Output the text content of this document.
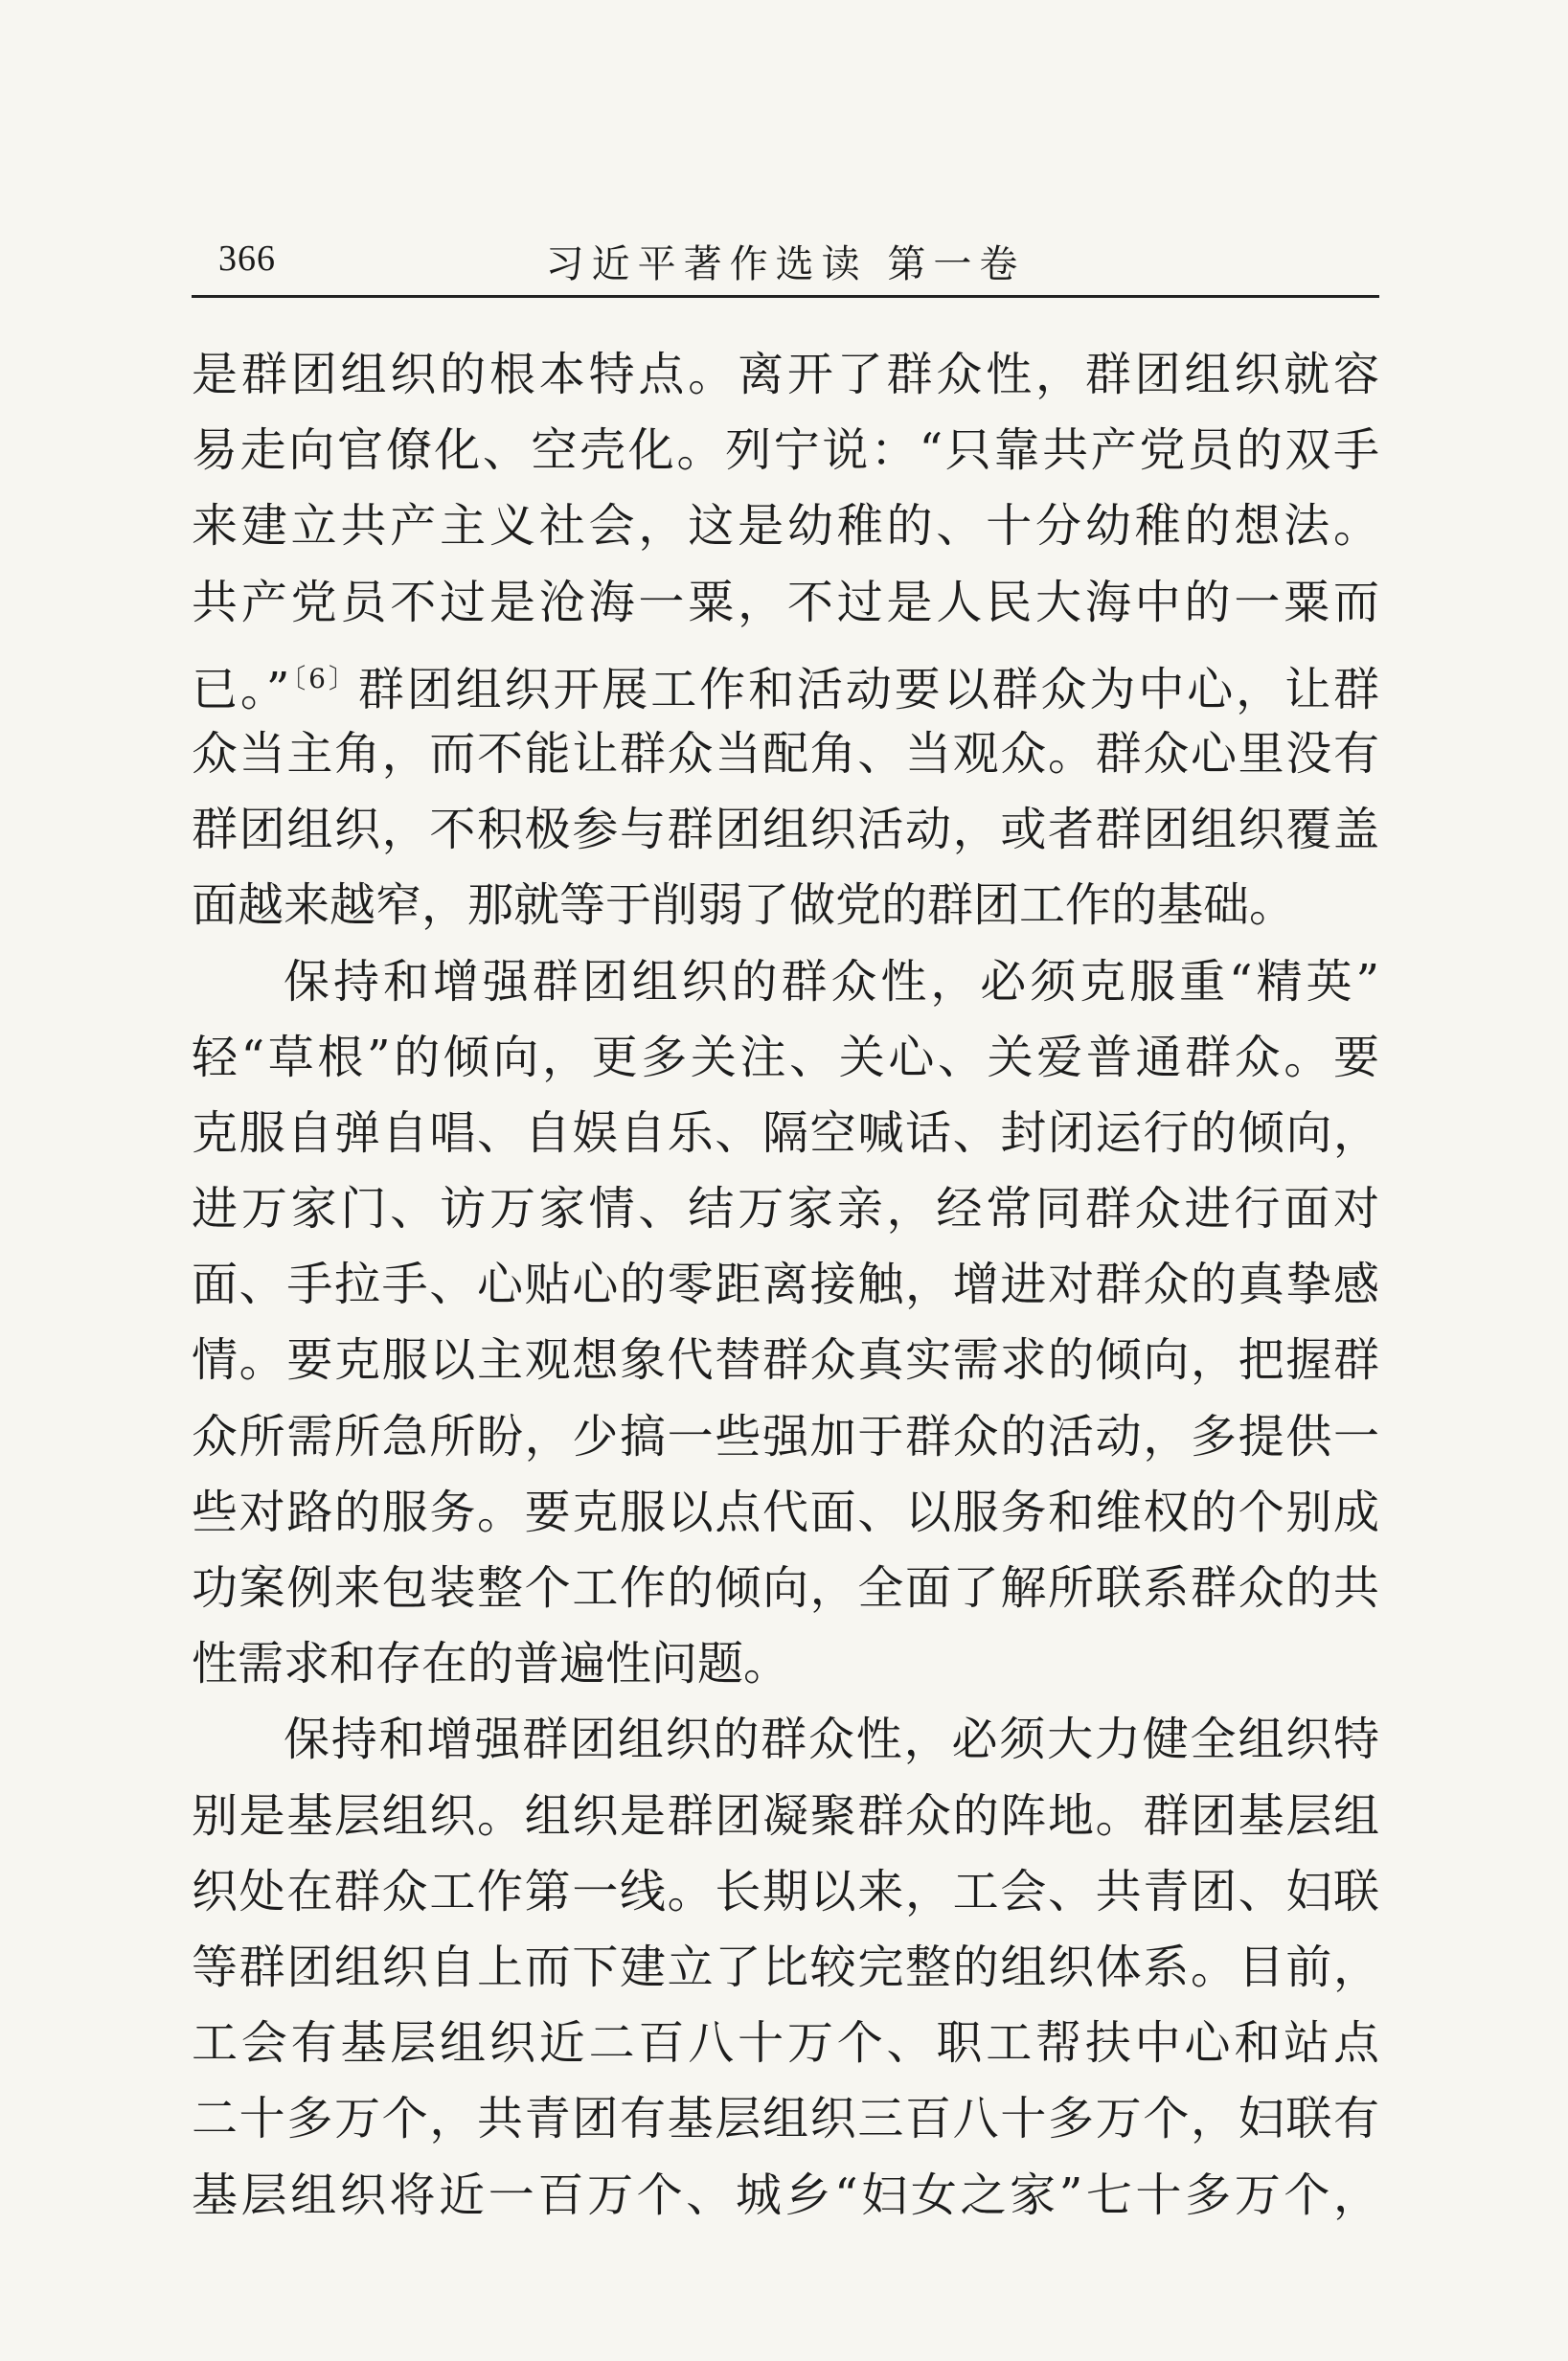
366	习近平著作选读 第一卷
是群团组织的根本特点。离开了群众性，群团组织就容
易走向官僚化、空壳化。列宁说：“只靠共产党员的双手
来建立共产主义社会，这是幼稚的、十分幼稚的想法。
共产党员不过是沧海一粟，不过是人民大海中的一粟而
已。”$^{〔6〕}$群团组织开展工作和活动要以群众为中心，让群
众当主角，而不能让群众当配角、当观众。群众心里没有
群团组织，不积极参与群团组织活动，或者群团组织覆盖
面越来越窄，那就等于削弱了做党的群团工作的基础。
保持和增强群团组织的群众性，必须克服重“精英”
轻“草根”的倾向，更多关注、关心、关爱普通群众。要
克服自弹自唱、自娱自乐、隔空喊话、封闭运行的倾向，
进万家门、访万家情、结万家亲，经常同群众进行面对
面、手拉手、心贴心的零距离接触，增进对群众的真挚感
情。要克服以主观想象代替群众真实需求的倾向，把握群
众所需所急所盼，少搞一些强加于群众的活动，多提供一
些对路的服务。要克服以点代面、以服务和维权的个别成
功案例来包装整个工作的倾向，全面了解所联系群众的共
性需求和存在的普遍性问题。
保持和增强群团组织的群众性，必须大力健全组织特
别是基层组织。组织是群团凝聚群众的阵地。群团基层组
织处在群众工作第一线。长期以来，工会、共青团、妇联
等群团组织自上而下建立了比较完整的组织体系。目前，
工会有基层组织近二百八十万个、职工帮扶中心和站点
二十多万个，共青团有基层组织三百八十多万个，妇联有
基层组织将近一百万个、城乡“妇女之家”七十多万个，
